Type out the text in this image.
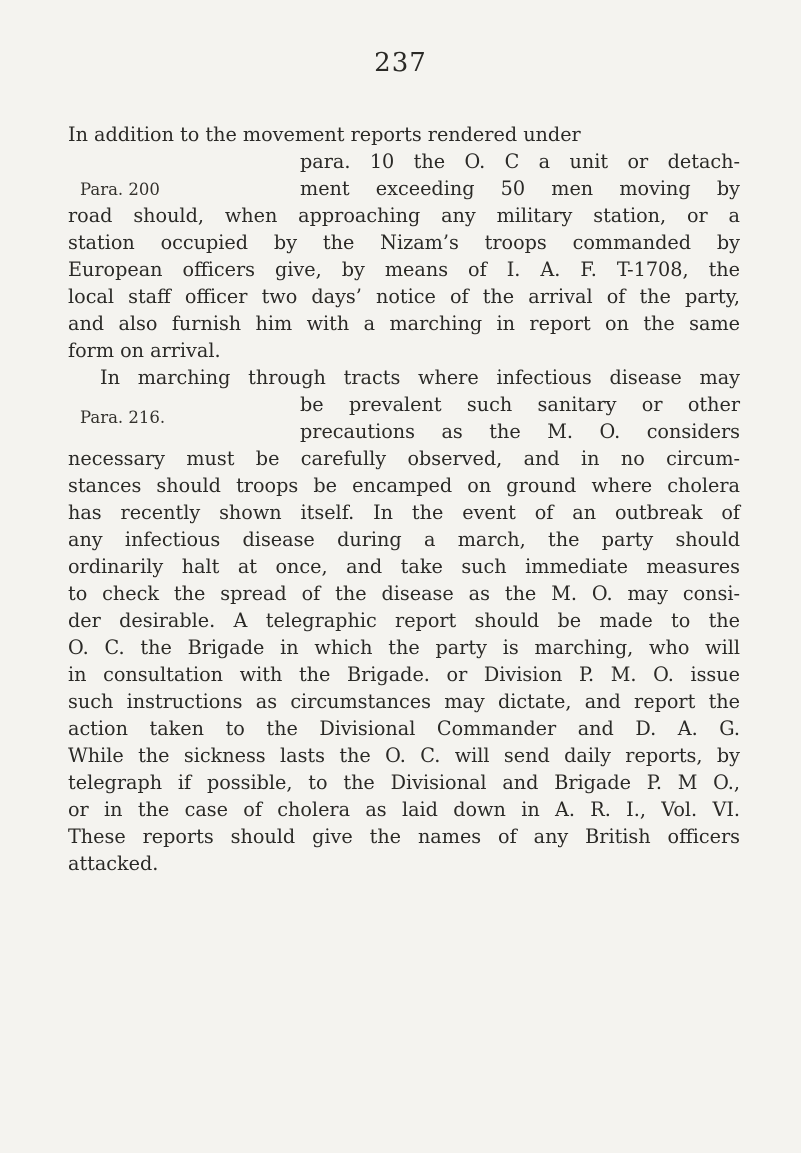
237
Para. 200
In addition to the movement reports rendered under
para. 10 the O. C a unit or detach-
ment exceeding 50 men moving by
road should, when approaching any military station, or a
station occupied by the Nizam’s troops commanded by
European officers give, by means of I. A. F. T-1708, the
local staff officer two days’ notice of the arrival of the party,
and also furnish him with a marching in report on the same
form on arrival.
Para. 216.
In marching through tracts where infectious disease may
be prevalent such sanitary or other
precautions as the M. O. considers
necessary must be carefully observed, and in no circum-
stances should troops be encamped on ground where cholera
has recently shown itself. In the event of an outbreak of
any infectious disease during a march, the party should
ordinarily halt at once, and take such immediate measures
to check the spread of the disease as the M. O. may consi-
der desirable. A telegraphic report should be made to the
O. C. the Brigade in which the party is marching, who will
in consultation with the Brigade. or Division P. M. O. issue
such instructions as circumstances may dictate, and report the
action taken to the Divisional Commander and D. A. G.
While the sickness lasts the O. C. will send daily reports, by
telegraph if possible, to the Divisional and Brigade P. M O.,
or in the case of cholera as laid down in A. R. I., Vol. VI.
These reports should give the names of any British officers
attacked.
